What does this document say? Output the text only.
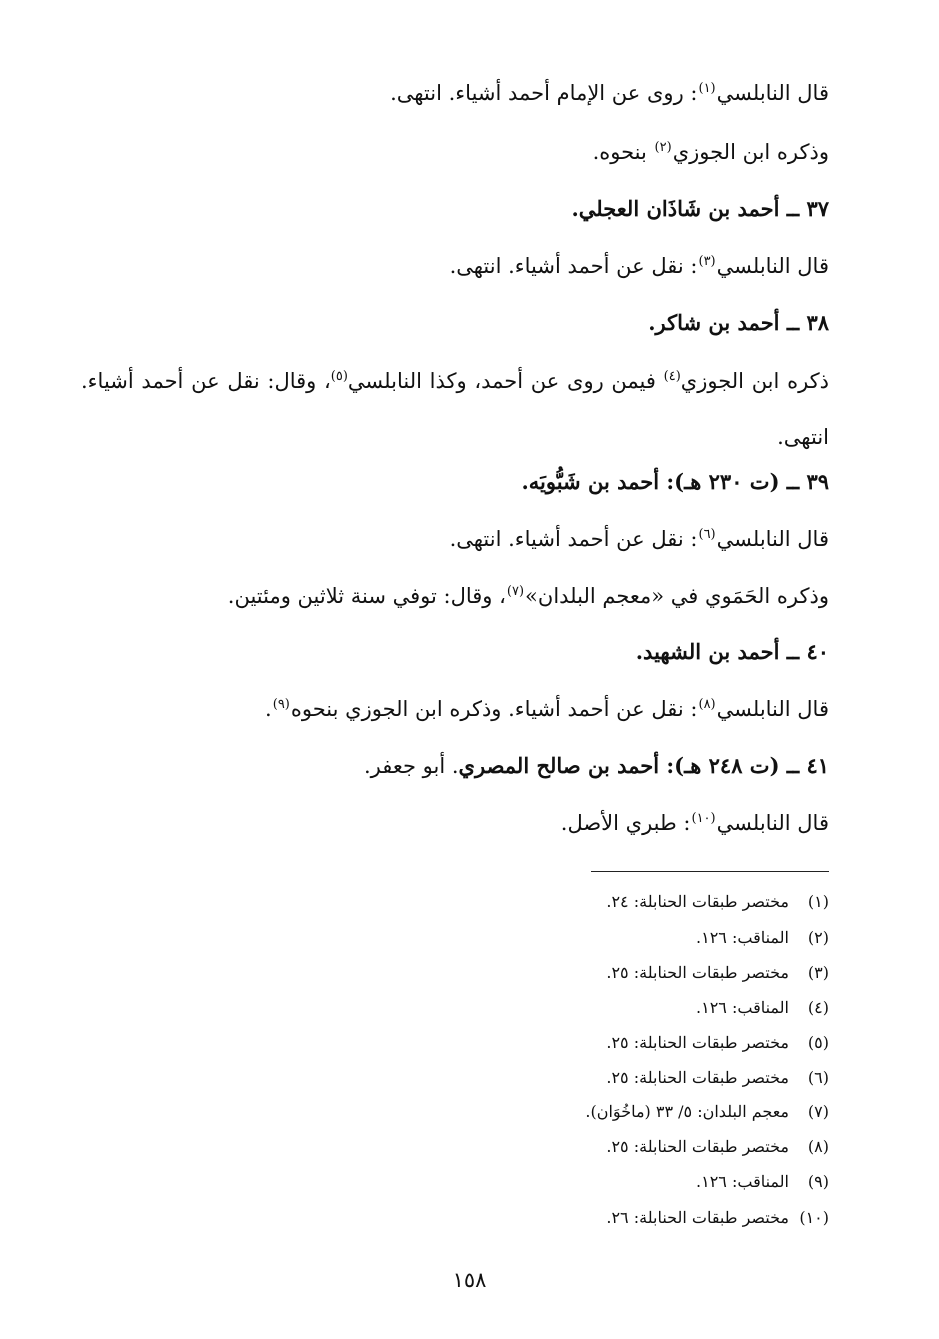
قال النابلسي$^{(١)}$: روى عن الإمام أحمد أشياء. انتهى.
وذكره ابن الجوزي$^{(٢)}$ بنحوه.
٣٧ ــ أحمد بن شَاذَان العجلي.
قال النابلسي$^{(٣)}$: نقل عن أحمد أشياء. انتهى.
٣٨ ــ أحمد بن شاكر.
ذكره ابن الجوزي$^{(٤)}$ فيمن روى عن أحمد، وكذا النابلسي$^{(٥)}$، وقال: نقل عن أحمد أشياء. انتهى.
٣٩ ــ (ت ٢٣٠ هـ): أحمد بن شَبُّويَه.
قال النابلسي$^{(٦)}$: نقل عن أحمد أشياء. انتهى.
وذكره الحَمَوي في «معجم البلدان»$^{(٧)}$، وقال: توفي سنة ثلاثين ومئتين.
٤٠ ــ أحمد بن الشهيد.
قال النابلسي$^{(٨)}$: نقل عن أحمد أشياء. وذكره ابن الجوزي بنحوه$^{(٩)}$.
٤١ ــ (ت ٢٤٨ هـ): أحمد بن صالح المصري. أبو جعفر.
قال النابلسي$^{(١٠)}$: طبري الأصل.
(١)مختصر طبقات الحنابلة: ٢٤.
(٢)المناقب: ١٢٦.
(٣)مختصر طبقات الحنابلة: ٢٥.
(٤)المناقب: ١٢٦.
(٥)مختصر طبقات الحنابلة: ٢٥.
(٦)مختصر طبقات الحنابلة: ٢٥.
(٧)معجم البلدان: ٥/ ٣٣ (ماخُوَان).
(٨)مختصر طبقات الحنابلة: ٢٥.
(٩)المناقب: ١٢٦.
(١٠)مختصر طبقات الحنابلة: ٢٦.
١٥٨
